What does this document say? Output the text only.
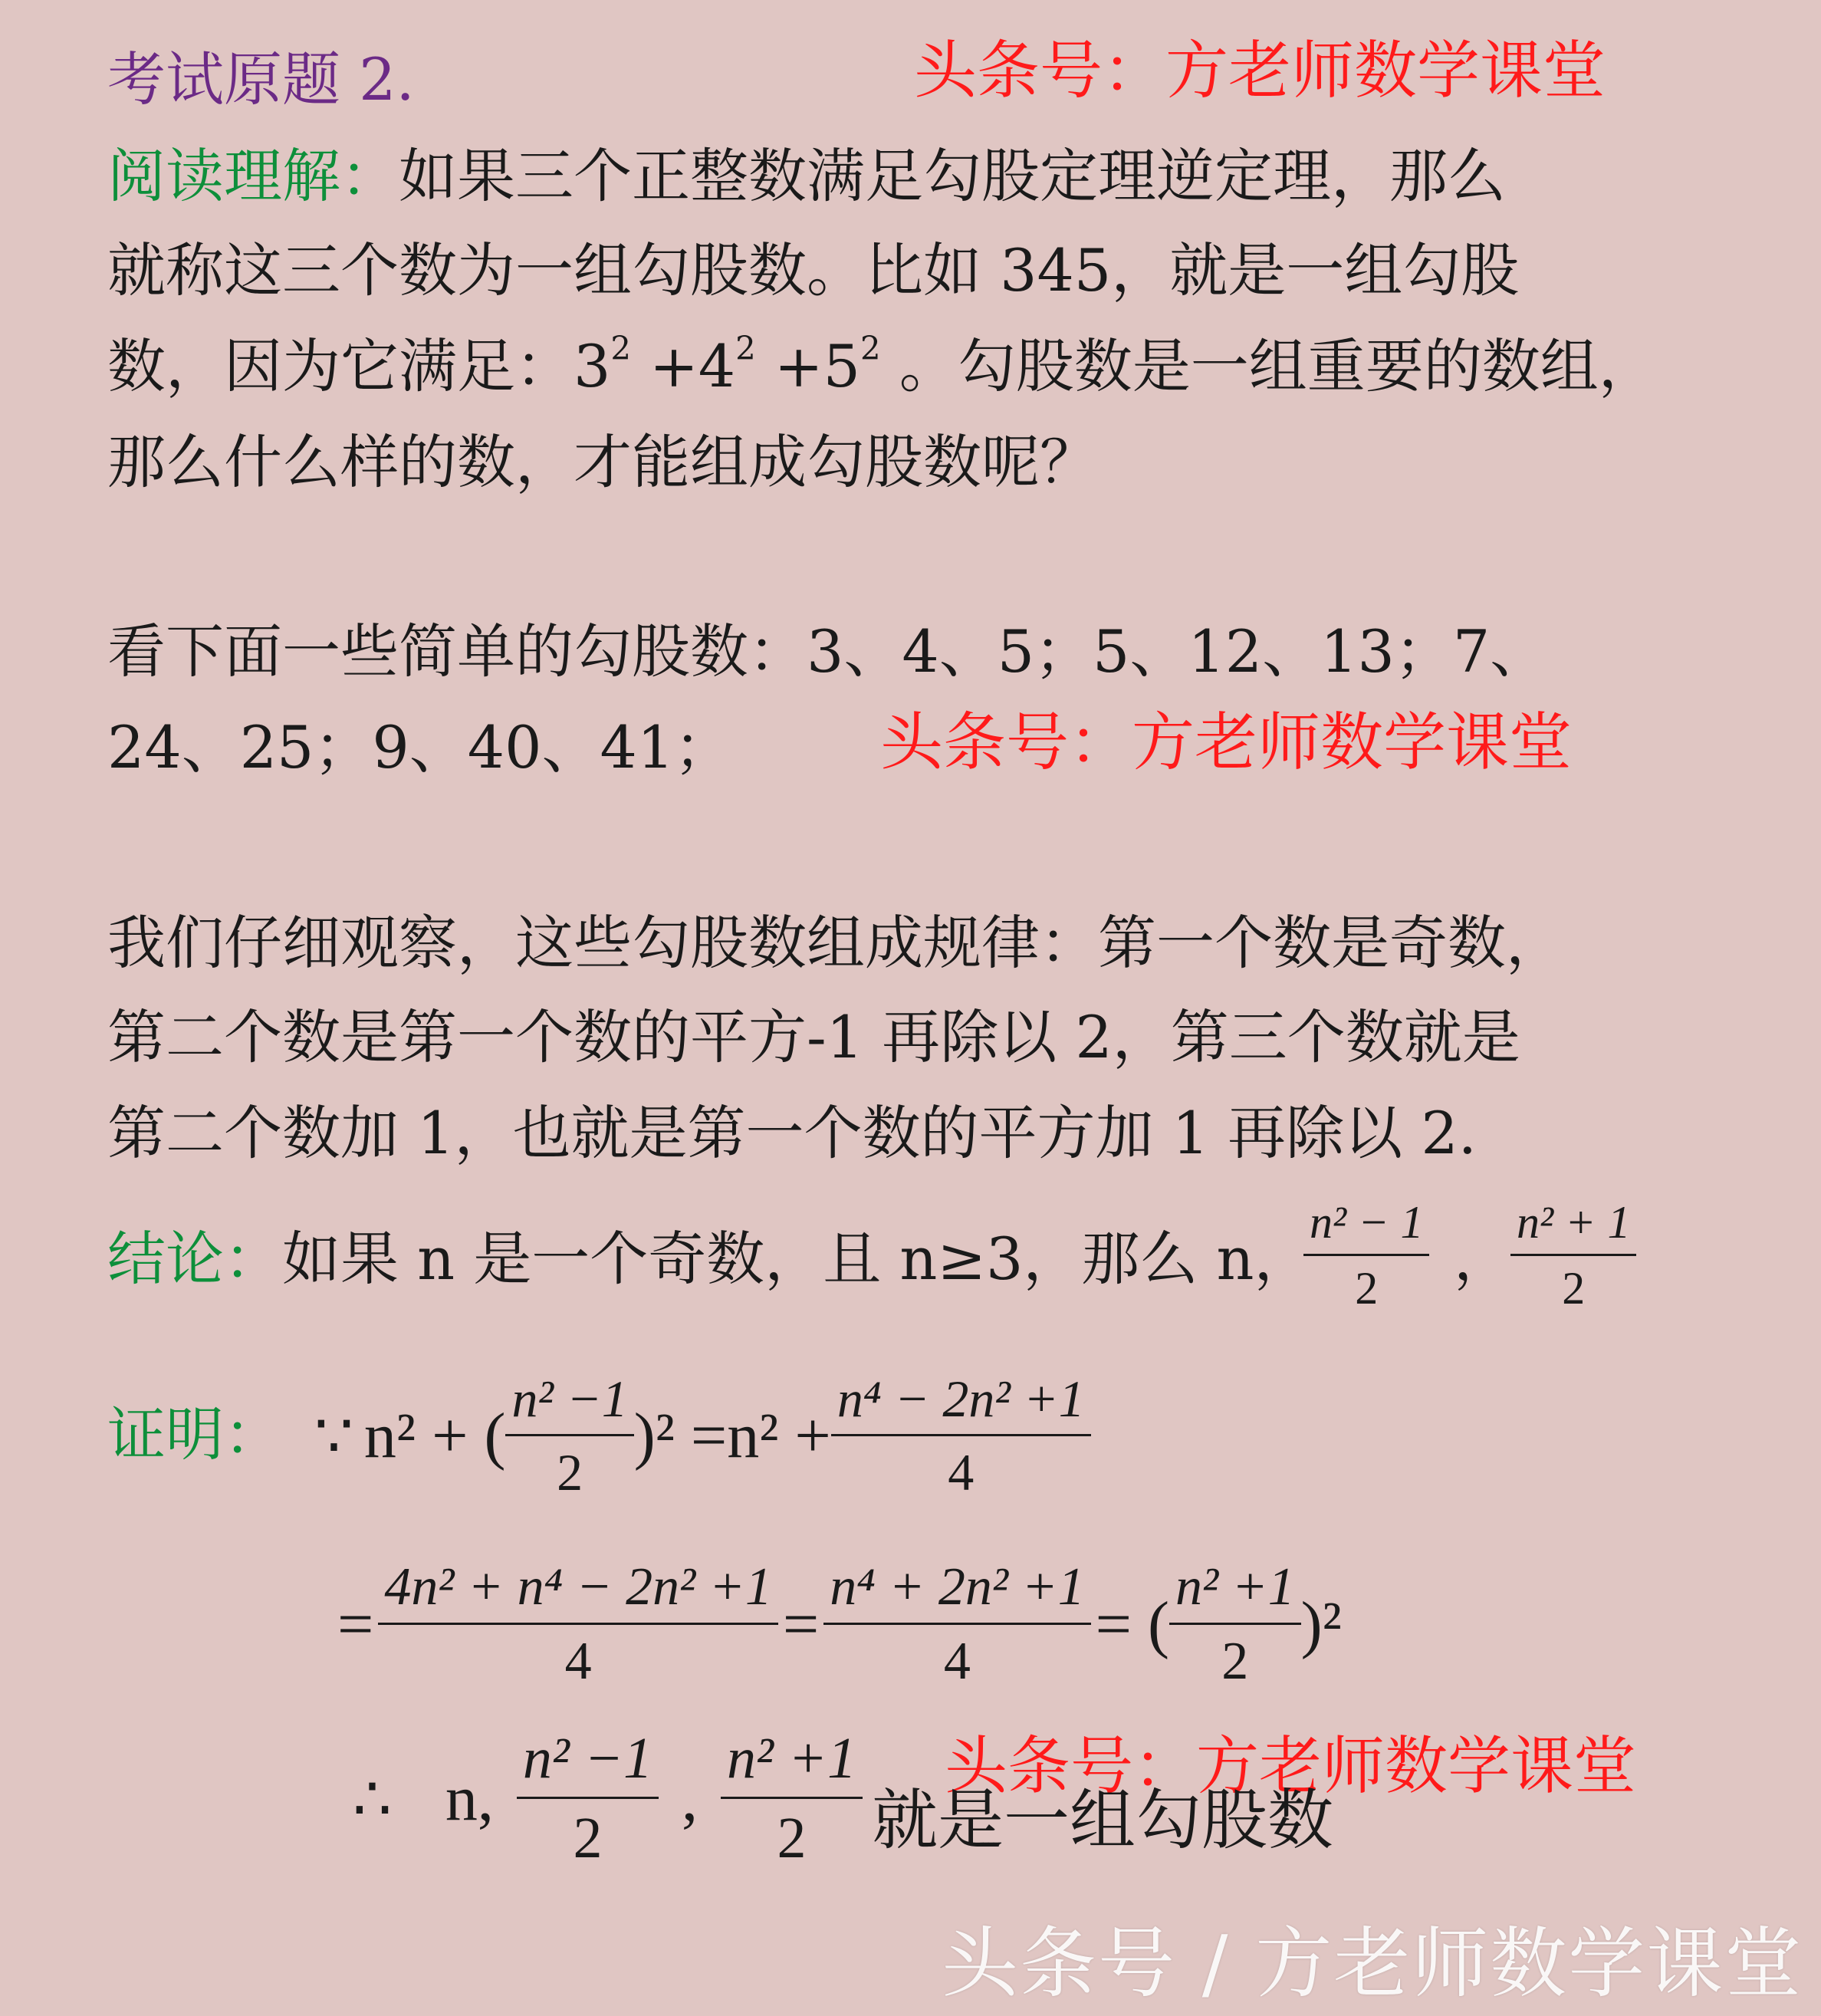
考试原题 2.	头条号：方老师数学课堂
阅读理解：如果三个正整数满足勾股定理逆定理，那么
就称这三个数为一组勾股数。比如 345，就是一组勾股
数，因为它满足：$3^2 +4^2 +5^2$ 。勾股数是一组重要的数组，
那么什么样的数，才能组成勾股数呢？
看下面一些简单的勾股数：3、4、5；5、12、13；7、
24、25；9、40、41； 头条号：方老师数学课堂
我们仔细观察，这些勾股数组成规律：第一个数是奇数，
第二个数是第一个数的平方-1 再除以 2，第三个数就是
第二个数加 1，也就是第一个数的平方加 1 再除以 2.
结论：如果 n 是一个奇数，且 n≥3，那么 n，
$\frac{\text{n² − 1}}{2}$ ，
$\frac{\text{n² + 1}}{2}$
证明： ∵ n² + ( $\frac{\text{n² −1}}{2} )^2 =n^2 + \frac{\text{n⁴ − 2n² +1}}{4}$
= $\frac{\text{4n² + n⁴ − 2n² +1}}{4} = \frac{\text{n⁴ + 2n² +1}}{4}$ = ( $\frac{\text{n² +1}}{2} )^2$
头条号：方老师数学课堂
∴ n, $\frac{\text{n² −1}}{2}$ , $\frac{\text{n² +1}}{2}$ 就是一组勾股数
头条号 / 方老师数学课堂
